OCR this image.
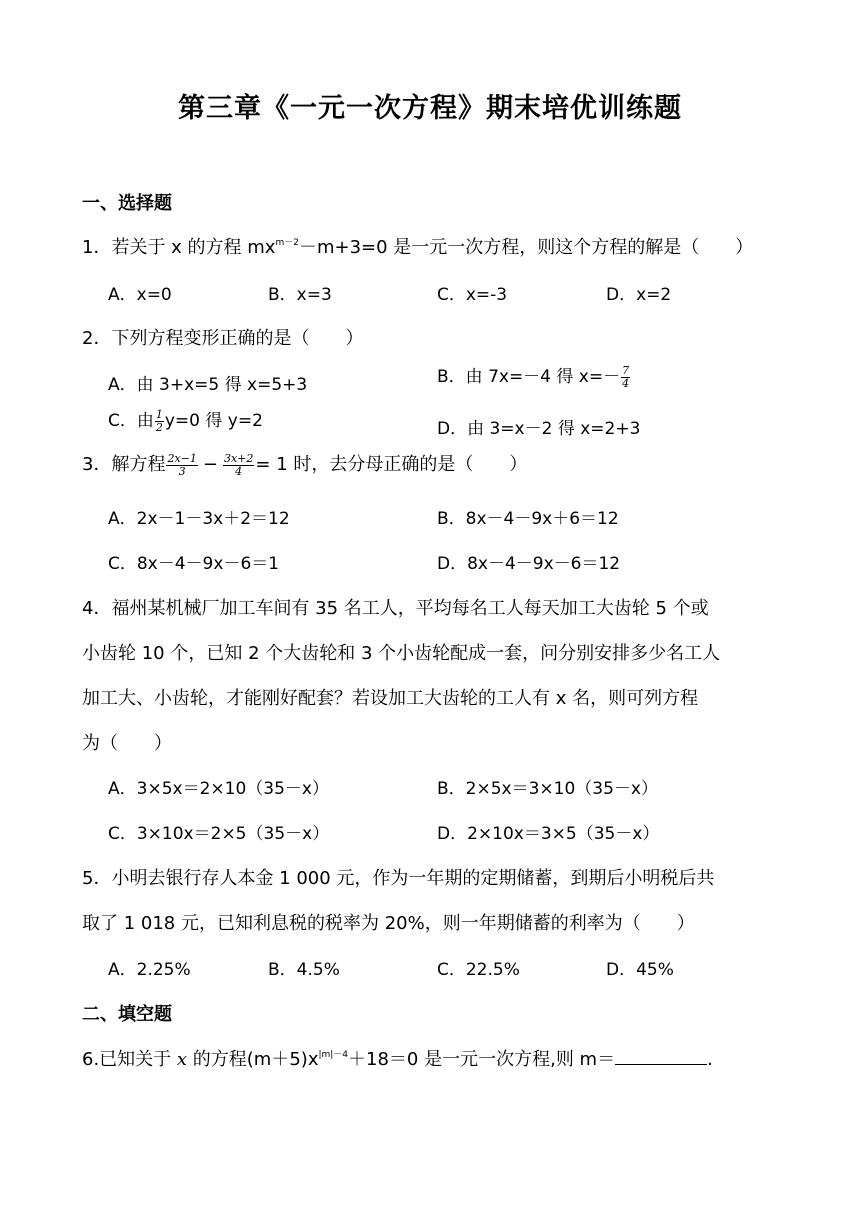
第三章《一元一次方程》期末培优训练题
一、选择题
1．若关于 x 的方程 $mx^{m-2}-m+3=0$ 是一元一次方程，则这个方程的解是（　　）
A．x=0	B．x=3	C．x=-3	D．x=2
2．下列方程变形正确的是（　　）
A．由 3+x=5 得 x=5+3	B．由 7x=－4 得 $x=- \frac{7}{4}$
C．由 $\frac{1}{2} y=0$ 得 y=2	D．由 3=x－2 得 x=2+3
3．解方程 $\frac{2x-1}{3} - \frac{3x+2}{4} = 1$ 时，去分母正确的是（　　）
A．2x－1－3x＋2＝12	B．8x－4－9x＋6＝12
C．8x－4－9x－6＝1	D．8x－4－9x－6＝12
4．福州某机械厂加工车间有 35 名工人，平均每名工人每天加工大齿轮 5 个或
小齿轮 10 个，已知 2 个大齿轮和 3 个小齿轮配成一套，问分别安排多少名工人
加工大、小齿轮，才能刚好配套？若设加工大齿轮的工人有 x 名，则可列方程
为（　　）
A．3×5x＝2×10（35－x）	B．2×5x＝3×10（35－x）
C．3×10x＝2×5（35－x）	D．2×10x＝3×5（35－x）
5．小明去银行存人本金 1 000 元，作为一年期的定期储蓄，到期后小明税后共
取了 1 018 元，已知利息税的税率为 20%，则一年期储蓄的利率为（　　）
A．2.25%	B．4.5%	C．22.5%	D．45%
二、填空题
6.已知关于 x 的方程$(m+5)x^{|m|-4}+18=0$ 是一元一次方程,则 m＝	.
